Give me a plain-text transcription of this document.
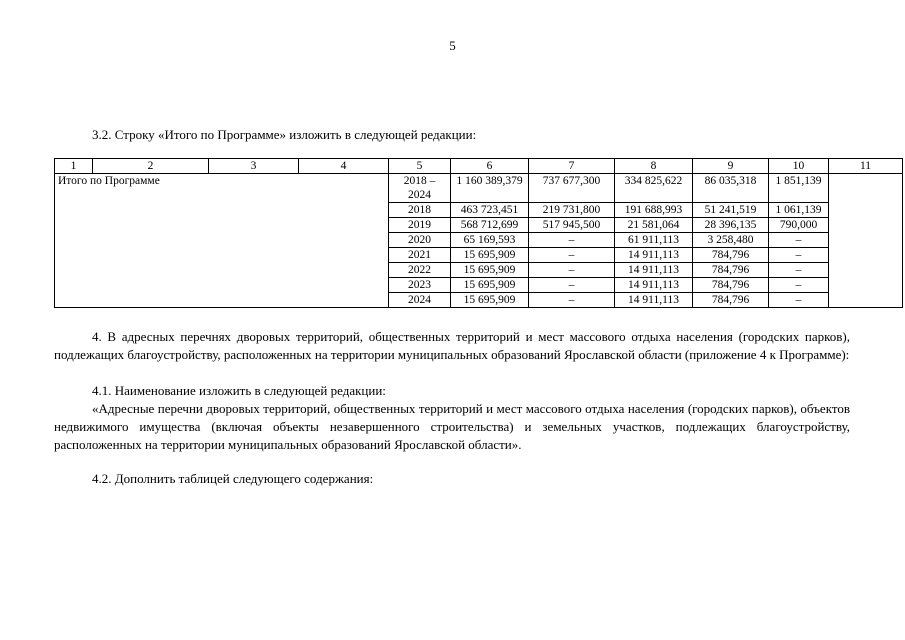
5
3.2. Строку «Итого по Программе» изложить в следующей редакции:
1	2	3	4	5	6	7	8	9	10	11
Итого по Программе				2018 – 2024	1 160 389,379	737 677,300	334 825,622	86 035,318	1 851,139	
				2018	463 723,451	219 731,800	191 688,993	51 241,519	1 061,139	
				2019	568 712,699	517 945,500	21 581,064	28 396,135	790,000	
				2020	65 169,593	–	61 911,113	3 258,480	–	
				2021	15 695,909	–	14 911,113	784,796	–	
				2022	15 695,909	–	14 911,113	784,796	–	
				2023	15 695,909	–	14 911,113	784,796	–	
				2024	15 695,909	–	14 911,113	784,796	–	
4. В адресных перечнях дворовых территорий, общественных территорий и мест массового отдыха населения (городских парков), подлежащих благоустройству, расположенных на территории муниципальных образований Ярославской области (приложение 4 к Программе):
4.1. Наименование изложить в следующей редакции:
«Адресные перечни дворовых территорий, общественных территорий и мест массового отдыха населения (городских парков), объектов недвижимого имущества (включая объекты незавершенного строительства) и земельных участков, подлежащих благоустройству, расположенных на территории муниципальных образований Ярославской области».
4.2. Дополнить таблицей следующего содержания:
